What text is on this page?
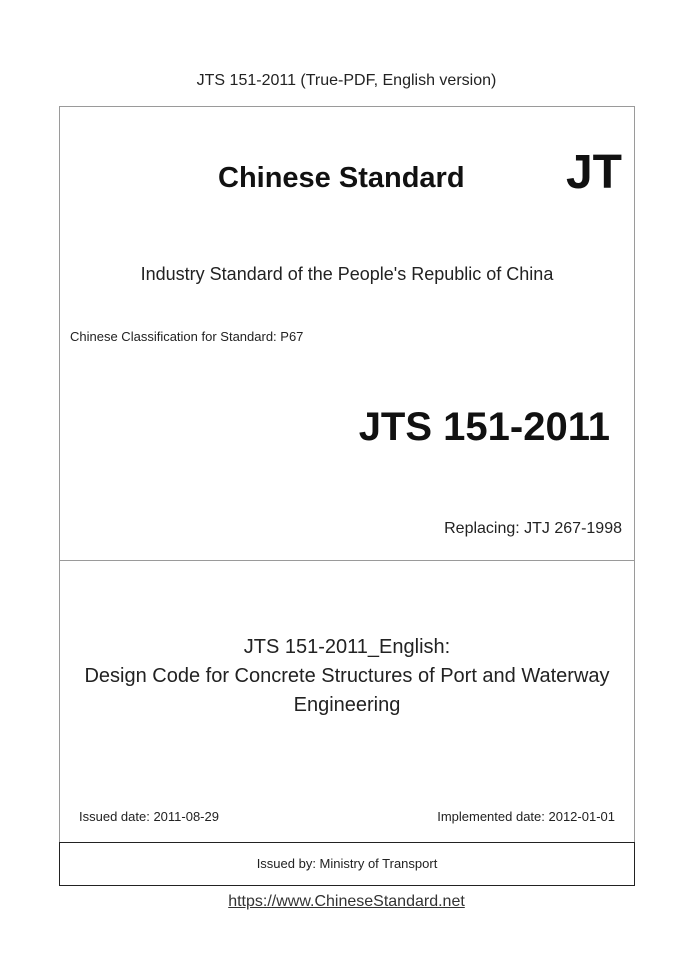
JTS 151-2011 (True-PDF, English version)
Chinese Standard JT
Industry Standard of the People's Republic of China
Chinese Classification for Standard: P67
JTS 151-2011
Replacing: JTJ 267-1998
JTS 151-2011_English:
Design Code for Concrete Structures of Port and Waterway
Engineering
Issued date: 2011-08-29	Implemented date: 2012-01-01
Issued by: Ministry of Transport
https://www.ChineseStandard.net
